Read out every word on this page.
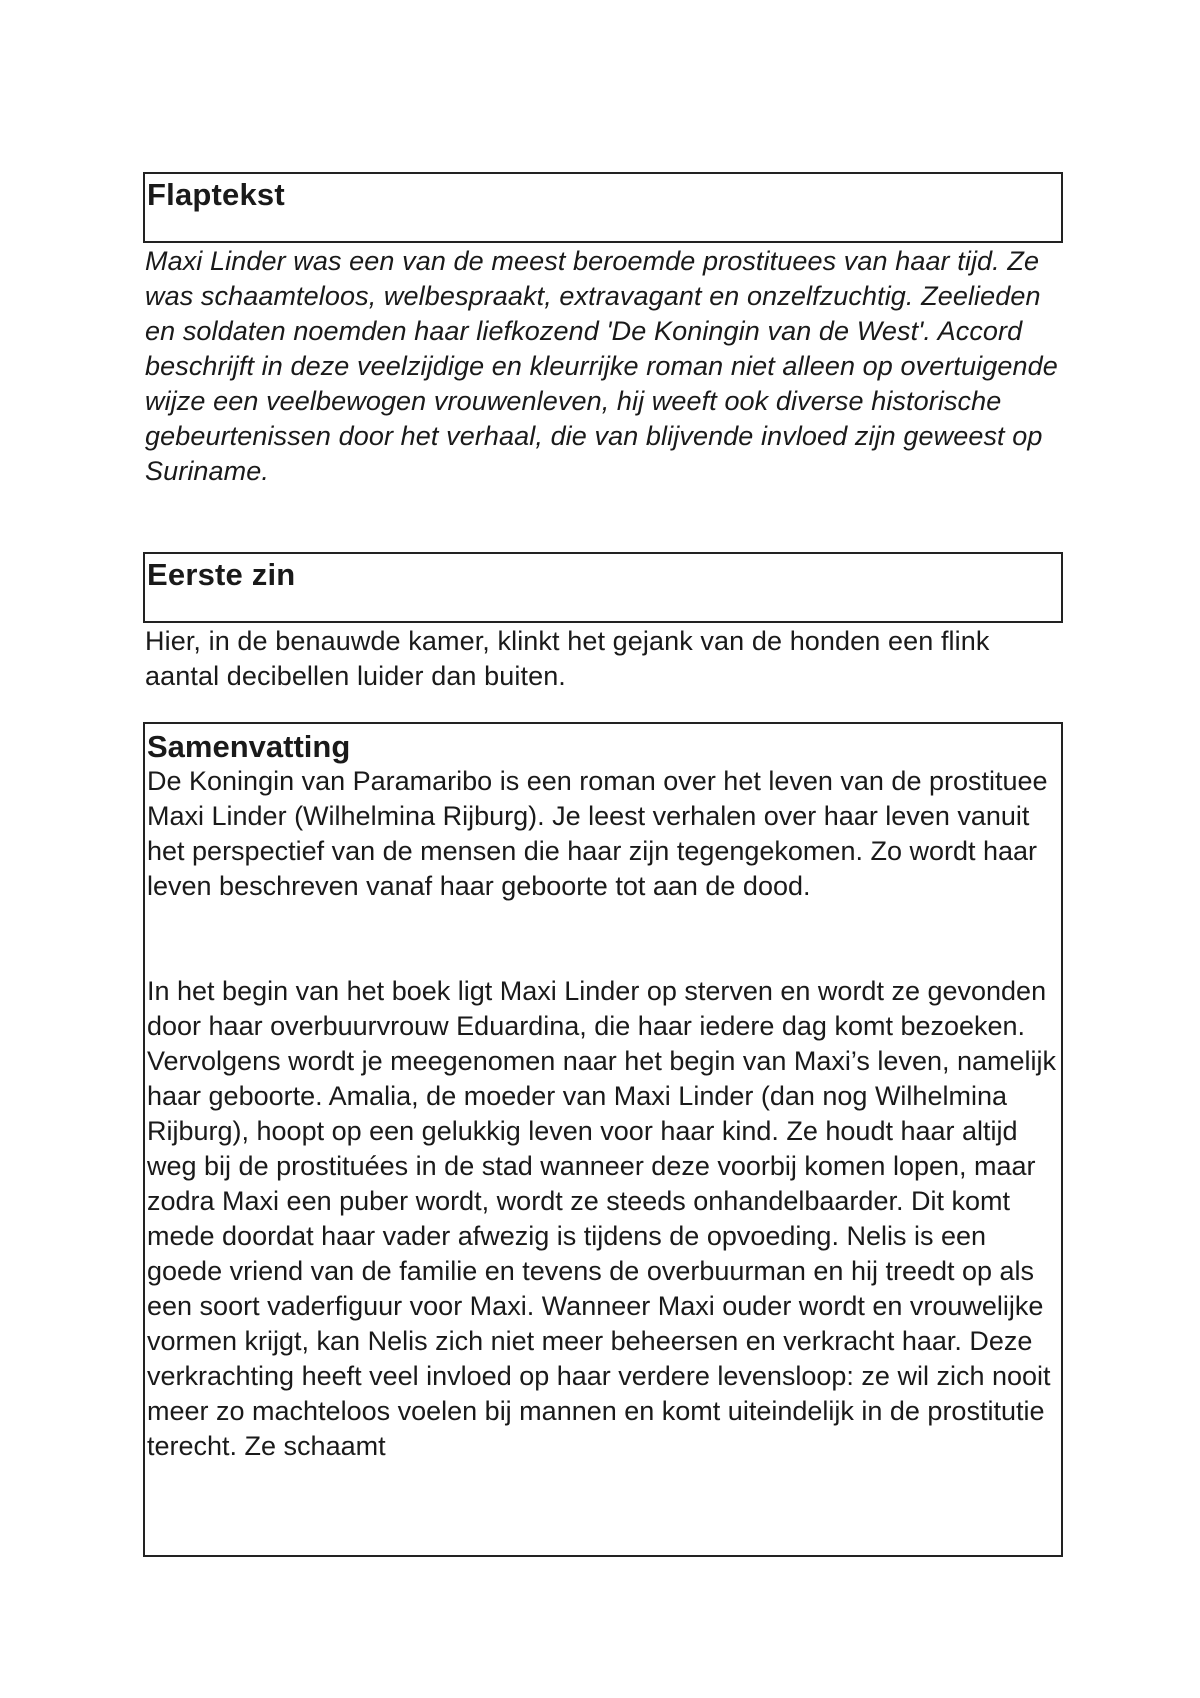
Flaptekst

Maxi Linder was een van de meest beroemde prostituees van haar tijd. Ze was schaamteloos, welbespraakt, extravagant en onzelfzuchtig. Zeelieden en soldaten noemden haar liefkozend 'De Koningin van de West'. Accord beschrijft in deze veelzijdige en kleurrijke roman niet alleen op overtuigende wijze een veelbewogen vrouwenleven, hij weeft ook diverse historische gebeurtenissen door het verhaal, die van blijvende invloed zijn geweest op Suriname.

Eerste zin

Hier, in de benauwde kamer, klinkt het gejank van de honden een flink aantal decibellen luider dan buiten.

Samenvatting

De Koningin van Paramaribo is een roman over het leven van de prostituee Maxi Linder (Wilhelmina Rijburg). Je leest verhalen over haar leven vanuit het perspectief van de mensen die haar zijn tegengekomen. Zo wordt haar leven beschreven vanaf haar geboorte tot aan de dood.

In het begin van het boek ligt Maxi Linder op sterven en wordt ze gevonden door haar overbuurvrouw Eduardina, die haar iedere dag komt bezoeken. Vervolgens wordt je meegenomen naar het begin van Maxi’s leven, namelijk haar geboorte. Amalia, de moeder van Maxi Linder (dan nog Wilhelmina Rijburg), hoopt op een gelukkig leven voor haar kind. Ze houdt haar altijd weg bij de prostituées in de stad wanneer deze voorbij komen lopen, maar zodra Maxi een puber wordt, wordt ze steeds onhandelbaarder. Dit komt mede doordat haar vader afwezig is tijdens de opvoeding. Nelis is een goede vriend van de familie en tevens de overbuurman en hij treedt op als een soort vaderfiguur voor Maxi. Wanneer Maxi ouder wordt en vrouwelijke vormen krijgt, kan Nelis zich niet meer beheersen en verkracht haar. Deze verkrachting heeft veel invloed op haar verdere levensloop: ze wil zich nooit meer zo machteloos voelen bij mannen en komt uiteindelijk in de prostitutie terecht. Ze schaamt
